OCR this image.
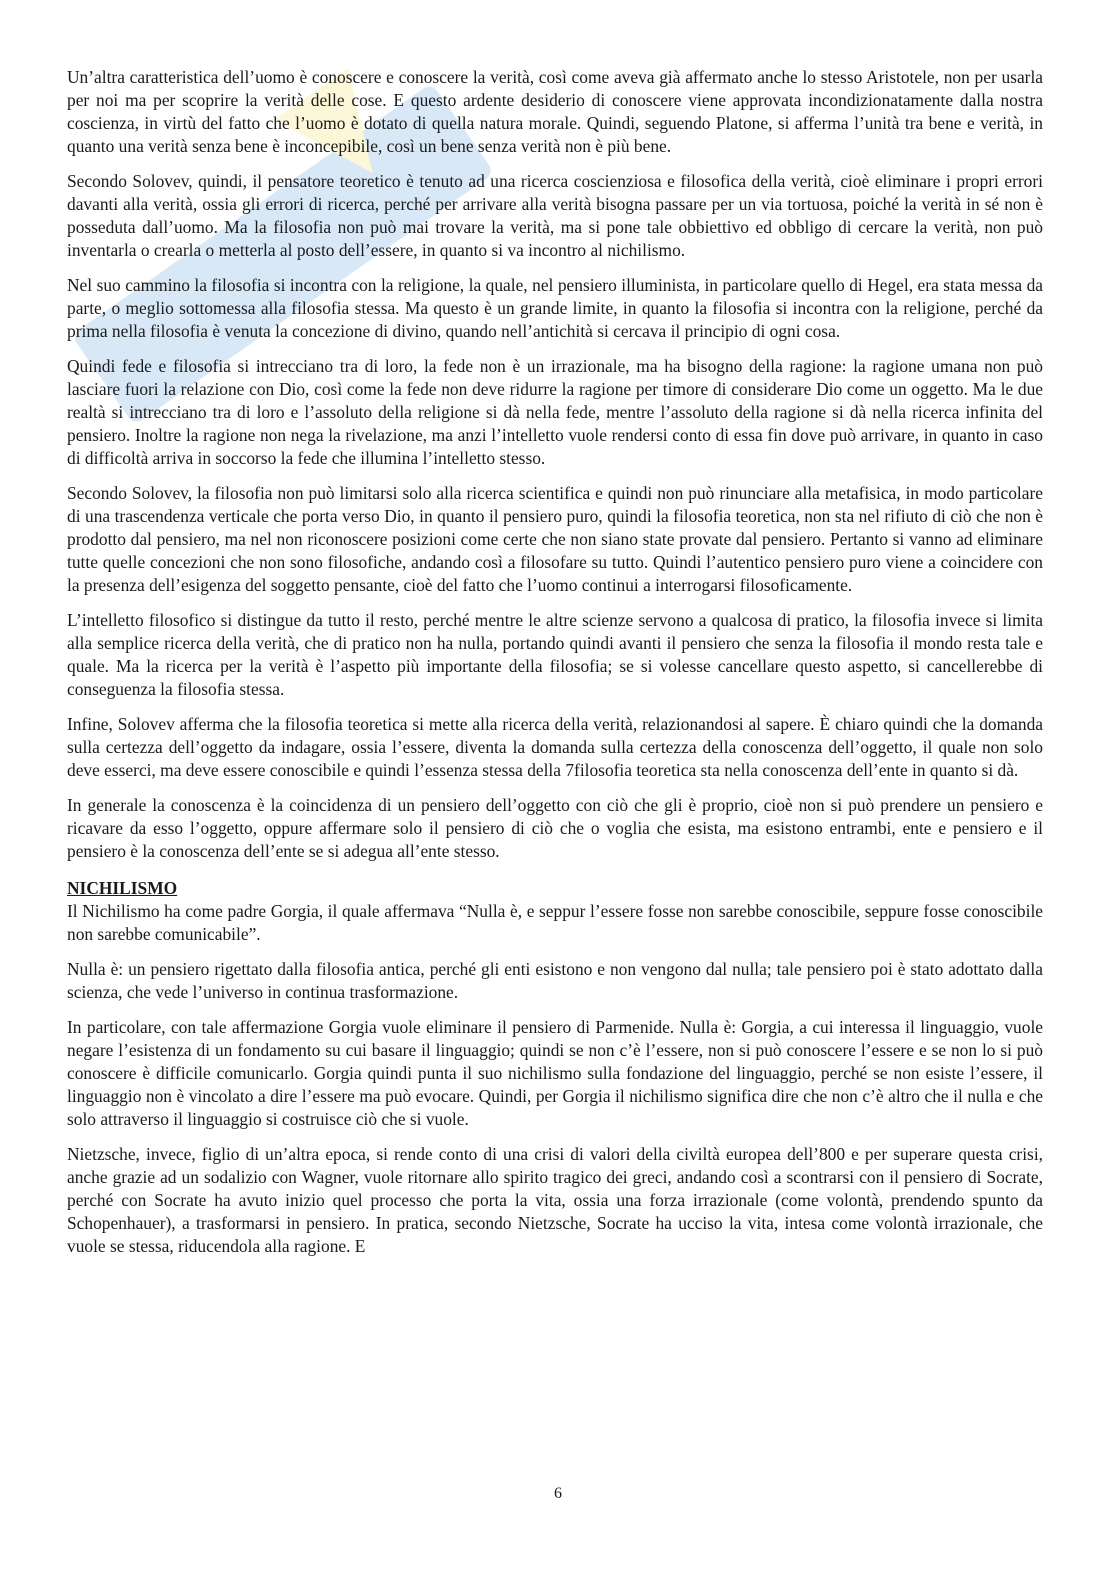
Un’altra caratteristica dell’uomo è conoscere e conoscere la verità, così come aveva già affermato anche lo stesso Aristotele, non per usarla per noi ma per scoprire la verità delle cose. E questo ardente desiderio di conoscere viene approvata incondizionatamente dalla nostra coscienza, in virtù del fatto che l’uomo è dotato di quella natura morale. Quindi, seguendo Platone, si afferma l’unità tra bene e verità, in quanto una verità senza bene è inconcepibile, così un bene senza verità non è più bene.

Secondo Solovev, quindi, il pensatore teoretico è tenuto ad una ricerca coscienziosa e filosofica della verità, cioè eliminare i propri errori davanti alla verità, ossia gli errori di ricerca, perché per arrivare alla verità bisogna passare per un via tortuosa, poiché la verità in sé non è posseduta dall’uomo. Ma la filosofia non può mai trovare la verità, ma si pone tale obbiettivo ed obbligo di cercare la verità, non può inventarla o crearla o metterla al posto dell’essere, in quanto si va incontro al nichilismo.

Nel suo cammino la filosofia si incontra con la religione, la quale, nel pensiero illuminista, in particolare quello di Hegel, era stata messa da parte, o meglio sottomessa alla filosofia stessa. Ma questo è un grande limite, in quanto la filosofia si incontra con la religione, perché da prima nella filosofia è venuta la concezione di divino, quando nell’antichità si cercava il principio di ogni cosa.

Quindi fede e filosofia si intrecciano tra di loro, la fede non è un irrazionale, ma ha bisogno della ragione: la ragione umana non può lasciare fuori la relazione con Dio, così come la fede non deve ridurre la ragione per timore di considerare Dio come un oggetto. Ma le due realtà si intrecciano tra di loro e l’assoluto della religione si dà nella fede, mentre l’assoluto della ragione si dà nella ricerca infinita del pensiero. Inoltre la ragione non nega la rivelazione, ma anzi l’intelletto vuole rendersi conto di essa fin dove può arrivare, in quanto in caso di difficoltà arriva in soccorso la fede che illumina l’intelletto stesso.

Secondo Solovev, la filosofia non può limitarsi solo alla ricerca scientifica e quindi non può rinunciare alla metafisica, in modo particolare di una trascendenza verticale che porta verso Dio, in quanto il pensiero puro, quindi la filosofia teoretica, non sta nel rifiuto di ciò che non è prodotto dal pensiero, ma nel non riconoscere posizioni come certe che non siano state provate dal pensiero. Pertanto si vanno ad eliminare tutte quelle concezioni che non sono filosofiche, andando così a filosofare su tutto. Quindi l’autentico pensiero puro viene a coincidere con la presenza dell’esigenza del soggetto pensante, cioè del fatto che l’uomo continui a interrogarsi filosoficamente.

L’intelletto filosofico si distingue da tutto il resto, perché mentre le altre scienze servono a qualcosa di pratico, la filosofia invece si limita alla semplice ricerca della verità, che di pratico non ha nulla, portando quindi avanti il pensiero che senza la filosofia il mondo resta tale e quale. Ma la ricerca per la verità è l’aspetto più importante della filosofia; se si volesse cancellare questo aspetto, si cancellerebbe di conseguenza la filosofia stessa.

Infine, Solovev afferma che la filosofia teoretica si mette alla ricerca della verità, relazionandosi al sapere. È chiaro quindi che la domanda sulla certezza dell’oggetto da indagare, ossia l’essere, diventa la domanda sulla certezza della conoscenza dell’oggetto, il quale non solo deve esserci, ma deve essere conoscibile e quindi l’essenza stessa della 7filosofia teoretica sta nella conoscenza dell’ente in quanto si dà.

In generale la conoscenza è la coincidenza di un pensiero dell’oggetto con ciò che gli è proprio, cioè non si può prendere un pensiero e ricavare da esso l’oggetto, oppure affermare solo il pensiero di ciò che o voglia che esista, ma esistono entrambi, ente e pensiero e il pensiero è la conoscenza dell’ente se si adegua all’ente stesso.

NICHILISMO

Il Nichilismo ha come padre Gorgia, il quale affermava “Nulla è, e seppur l’essere fosse non sarebbe conoscibile, seppure fosse conoscibile non sarebbe comunicabile”.

Nulla è: un pensiero rigettato dalla filosofia antica, perché gli enti esistono e non vengono dal nulla; tale pensiero poi è stato adottato dalla scienza, che vede l’universo in continua trasformazione.

In particolare, con tale affermazione Gorgia vuole eliminare il pensiero di Parmenide. Nulla è: Gorgia, a cui interessa il linguaggio, vuole negare l’esistenza di un fondamento su cui basare il linguaggio; quindi se non c’è l’essere, non si può conoscere l’essere e se non lo si può conoscere è difficile comunicarlo. Gorgia quindi punta il suo nichilismo sulla fondazione del linguaggio, perché se non esiste l’essere, il linguaggio non è vincolato a dire l’essere ma può evocare. Quindi, per Gorgia il nichilismo significa dire che non c’è altro che il nulla e che solo attraverso il linguaggio si costruisce ciò che si vuole.

Nietzsche, invece, figlio di un’altra epoca, si rende conto di una crisi di valori della civiltà europea dell’800 e per superare questa crisi, anche grazie ad un sodalizio con Wagner, vuole ritornare allo spirito tragico dei greci, andando così a scontrarsi con il pensiero di Socrate, perché con Socrate ha avuto inizio quel processo che porta la vita, ossia una forza irrazionale (come volontà, prendendo spunto da Schopenhauer), a trasformarsi in pensiero. In pratica, secondo Nietzsche, Socrate ha ucciso la vita, intesa come volontà irrazionale, che vuole se stessa, riducendola alla ragione. E

6
